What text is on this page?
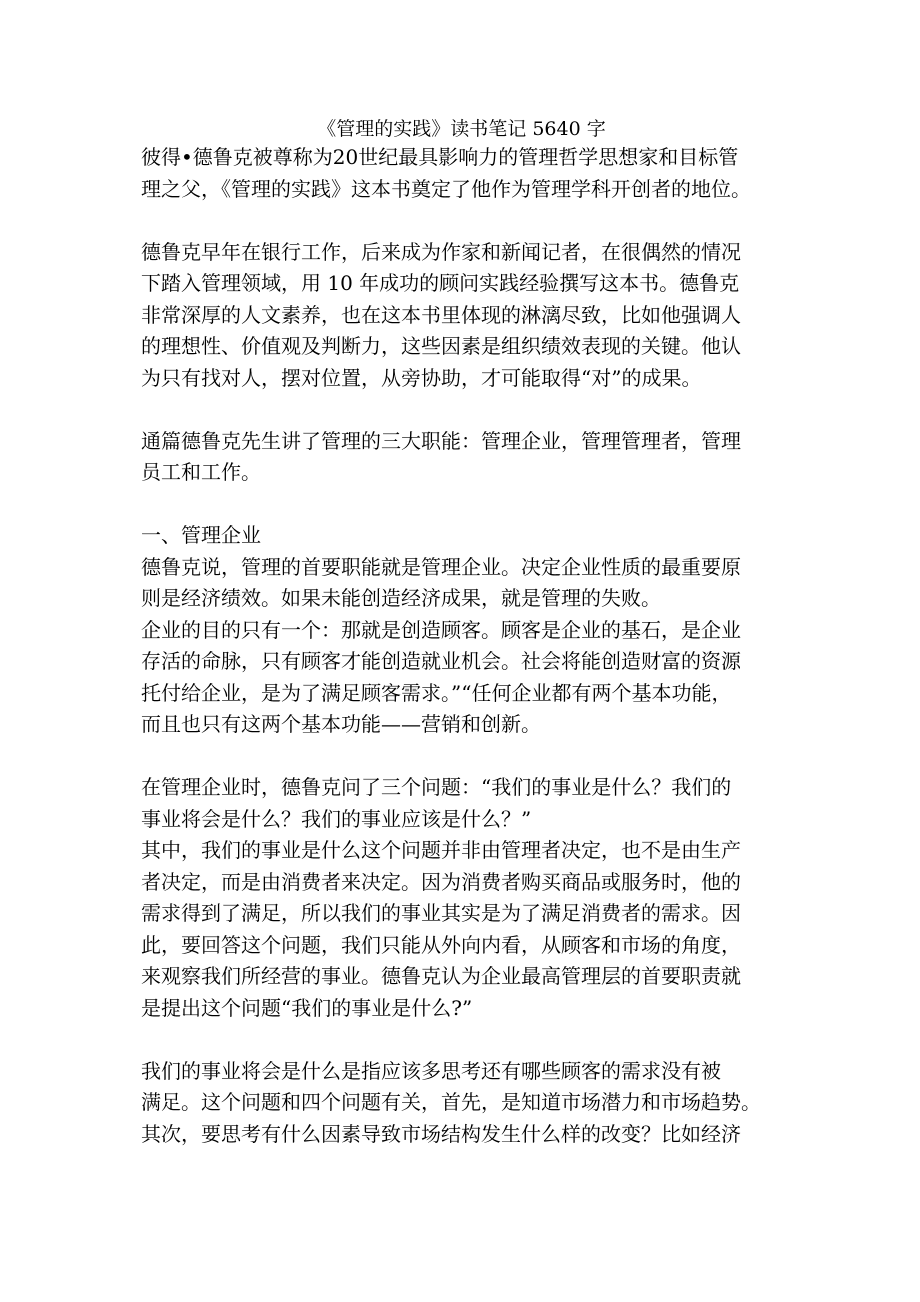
《管理的实践》读书笔记 5640 字

彼得•德鲁克被尊称为20世纪最具影响力的管理哲学思想家和目标管
理之父，《管理的实践》这本书奠定了他作为管理学科开创者的地位。

德鲁克早年在银行工作，后来成为作家和新闻记者，在很偶然的情况
下踏入管理领域，用 10 年成功的顾问实践经验撰写这本书。德鲁克
非常深厚的人文素养，也在这本书里体现的淋漓尽致，比如他强调人
的理想性、价值观及判断力，这些因素是组织绩效表现的关键。他认
为只有找对人，摆对位置，从旁协助，才可能取得“对”的成果。

通篇德鲁克先生讲了管理的三大职能：管理企业，管理管理者，管理
员工和工作。

一、管理企业
德鲁克说，管理的首要职能就是管理企业。决定企业性质的最重要原
则是经济绩效。如果未能创造经济成果，就是管理的失败。
企业的目的只有一个：那就是创造顾客。顾客是企业的基石，是企业
存活的命脉，只有顾客才能创造就业机会。社会将能创造财富的资源
托付给企业，是为了满足顾客需求。”“任何企业都有两个基本功能，
而且也只有这两个基本功能——营销和创新。

在管理企业时，德鲁克问了三个问题：“我们的事业是什么？我们的
事业将会是什么？我们的事业应该是什么？”
其中，我们的事业是什么这个问题并非由管理者决定，也不是由生产
者决定，而是由消费者来决定。因为消费者购买商品或服务时，他的
需求得到了满足，所以我们的事业其实是为了满足消费者的需求。因
此，要回答这个问题，我们只能从外向内看，从顾客和市场的角度，
来观察我们所经营的事业。德鲁克认为企业最高管理层的首要职责就
是提出这个问题“我们的事业是什么?”

我们的事业将会是什么是指应该多思考还有哪些顾客的需求没有被
满足。这个问题和四个问题有关，首先，是知道市场潜力和市场趋势。
其次，要思考有什么因素导致市场结构发生什么样的改变？比如经济
